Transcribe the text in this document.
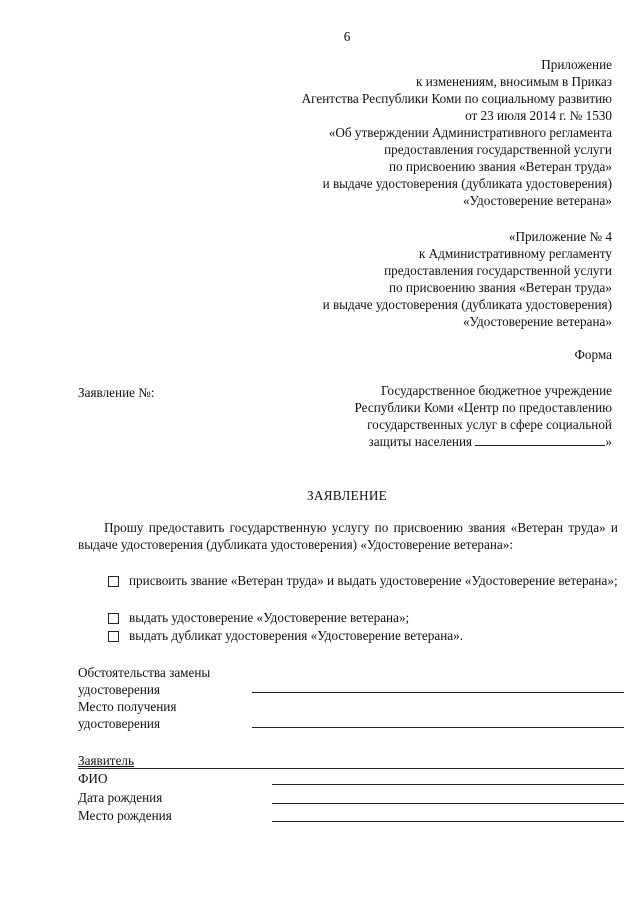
6
Приложение
к изменениям, вносимым в Приказ
Агентства Республики Коми по социальному развитию
от 23 июля 2014 г. № 1530
«Об утверждении Административного регламента
предоставления государственной услуги
по присвоению звания «Ветеран труда»
и выдаче удостоверения (дубликата удостоверения)
«Удостоверение ветерана»
«Приложение № 4
к Административному регламенту
предоставления государственной услуги
по присвоению звания «Ветеран труда»
и выдаче удостоверения (дубликата удостоверения)
«Удостоверение ветерана»
Форма
Заявление №:	Государственное бюджетное учреждение
Республики Коми «Центр по предоставлению
государственных услуг в сфере социальной
защиты населения	»
ЗАЯВЛЕНИЕ
Прошу предоставить государственную услугу по присвоению звания «Ветеран труда» и выдаче удостоверения (дубликата удостоверения) «Удостоверение ветерана»:
присвоить звание «Ветеран труда» и выдать удостоверение «Удостоверение ветерана»;
выдать удостоверение «Удостоверение ветерана»;
выдать дубликат удостоверения «Удостоверение ветерана».
Обстоятельства замены
удостоверения
Место получения
удостоверения
Заявитель
ФИО
Дата рождения
Место рождения
